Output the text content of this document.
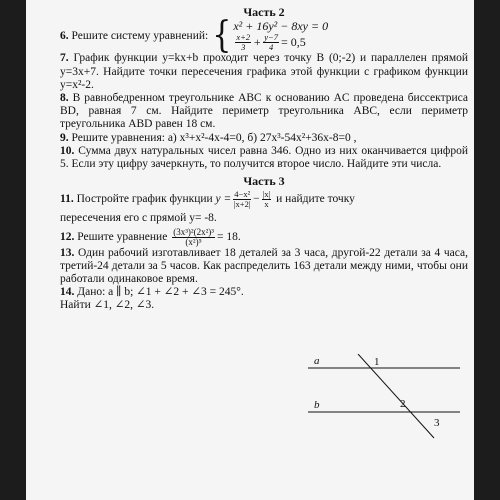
Часть 2

6.
Решите систему уравнений: { x² + 16y² − 8xy = 0
$\frac{x+2}{3} + \frac{y-7}{4} = 0,5$

7. График функции y=kx+b проходит через точку B (0;-2) и параллелен прямой y=3x+7. Найдите точки пересечения графика этой функции с графиком функции y=x²-2.

8. В равнобедренном треугольнике ABC к основанию AC проведена биссектриса BD, равная 7 см. Найдите периметр треугольника ABC, если периметр треугольника ABD равен 18 см.

9. Решите уравнения: а) x³+x²-4x-4=0, б) 27x³-54x²+36x-8=0 ,

10. Сумма двух натуральных чисел равна 346. Одно из них оканчивается цифрой 5. Если эту цифру зачеркнуть, то получится второе число. Найдите эти числа.

Часть 3

11.
Постройте график функции
$y = \frac{\text{4−x²}}{|x+2|} - \frac{|x|}{x}$
и найдите точку

пересечения его с прямой y= -8.

12.
Решите уравнение
$\frac{\text{(3x³)²(2x²)³}}{\text{(x²)⁵}} = 18$.

13. Один рабочий изготавливает 18 деталей за 3 часа, другой-22 детали за 4 часа, третий-24 детали за 5 часов. Как распределить 163 детали между ними, чтобы они работали одинаковое время.

14. Дано: a ∥ b; ∠1 + ∠2 + ∠3 = 245°.

Найти ∠1, ∠2, ∠3.

a
b
1
2
3
